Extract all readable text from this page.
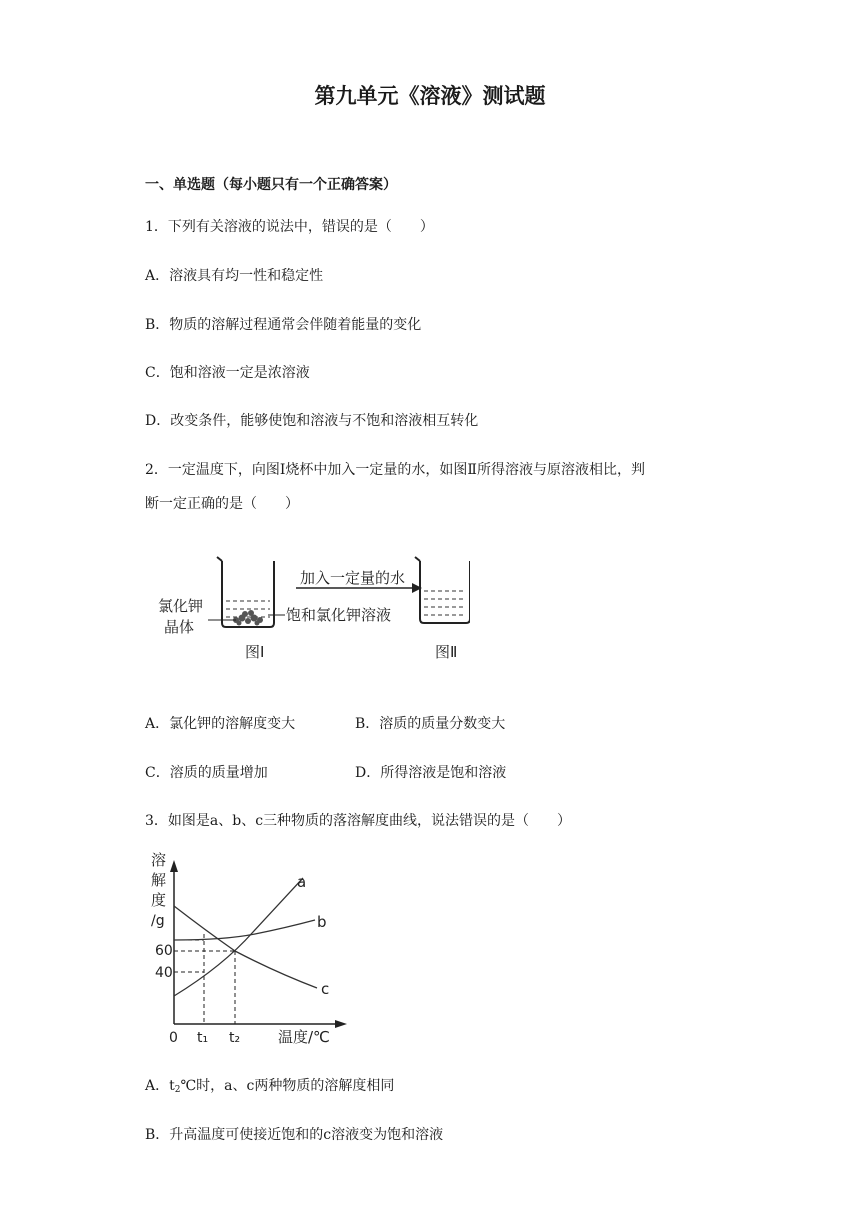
第九单元《溶液》测试题
一、单选题（每小题只有一个正确答案）
1．下列有关溶液的说法中，错误的是（　　）
A．溶液具有均一性和稳定性
B．物质的溶解过程通常会伴随着能量的变化
C．饱和溶液一定是浓溶液
D．改变条件，能够使饱和溶液与不饱和溶液相互转化
2．一定温度下，向图Ⅰ烧杯中加入一定量的水，如图Ⅱ所得溶液与原溶液相比，判
断一定正确的是（　　）
加入一定量的水
氯化钾
晶体
饱和氯化钾溶液
图Ⅰ	图Ⅱ
A．氯化钾的溶解度变大	B．溶质的质量分数变大
C．溶质的质量增加	D．所得溶液是饱和溶液
3．如图是a、b、c三种物质的落溶解度曲线，说法错误的是（　　）
溶
解
度
/g
60
40
0 t₁ t₂	温度/℃
a
b
c
A．$t_2℃$时，a、c两种物质的溶解度相同
B．升高温度可使接近饱和的c溶液变为饱和溶液
